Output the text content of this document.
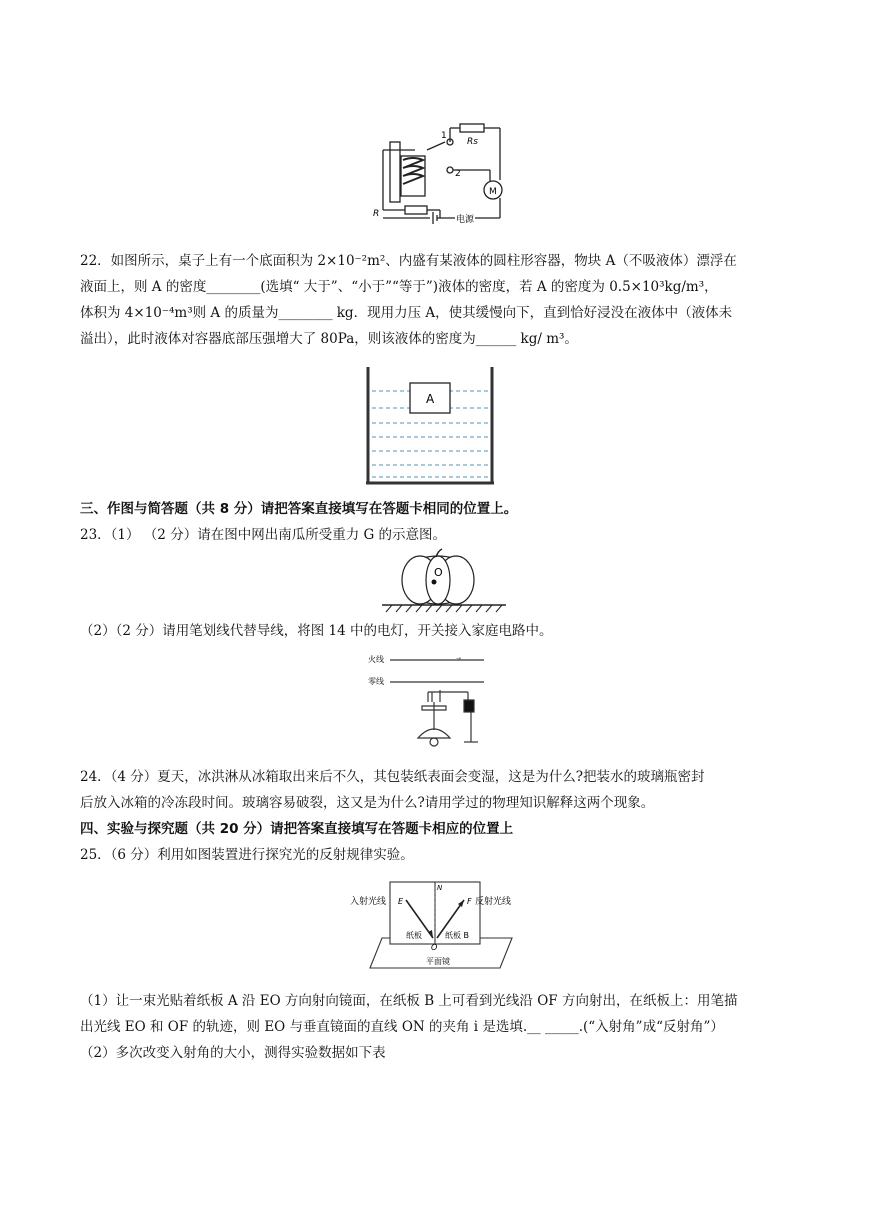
1
2
Rs
R
M
电源
22．如图所示，桌子上有一个底面积为 2×10⁻²m²、内盛有某液体的圆柱形容器，物块 A（不吸液体）漂浮在
液面上，则 A 的密度________(选填“ 大于”、“小于”“等于”)液体的密度，若 A 的密度为 0.5×10³kg/m³，
体积为 4×10⁻⁴m³则 A 的质量为________ kg．现用力压 A，使其缓慢向下，直到恰好浸没在液体中（液体未
溢出），此时液体对容器底部压强增大了 80Pa，则该液体的密度为______ kg/ m³。
A
三、作图与简答题（共 8 分）请把答案直接填写在答题卡相同的位置上。
23．（1） （2 分）请在图中网出南瓜所受重力 G 的示意图。
O
（2）（2 分）请用笔划线代替导线，将图 14 中的电灯，开关接入家庭电路中。
火线
零线
→
24．（4 分）夏天，冰洪淋从冰箱取出来后不久，其包装纸表面会变湿，这是为什么?把装水的玻璃瓶密封
后放入冰箱的冷冻段时间。玻璃容易破裂，这又是为什么?请用学过的物理知识解释这两个现象。
四、实验与探究题（共 20 分）请把答案直接填写在答题卡相应的位置上
25．（6 分）利用如图装置进行探究光的反射规律实验。
入射光线 E	F 反射光线
N
纸板	纸板 B
O
平面镜
（1）让一束光贴着纸板 A 沿 EO 方向射向镜面，在纸板 B 上可看到光线沿 OF 方向射出，在纸板上：用笔描
出光线 EO 和 OF 的轨迹，则 EO 与垂直镜面的直线 ON 的夹角 i 是选填.__ _____.(“入射角”成“反射角”）
（2）多次改变入射角的大小，测得实验数据如下表
